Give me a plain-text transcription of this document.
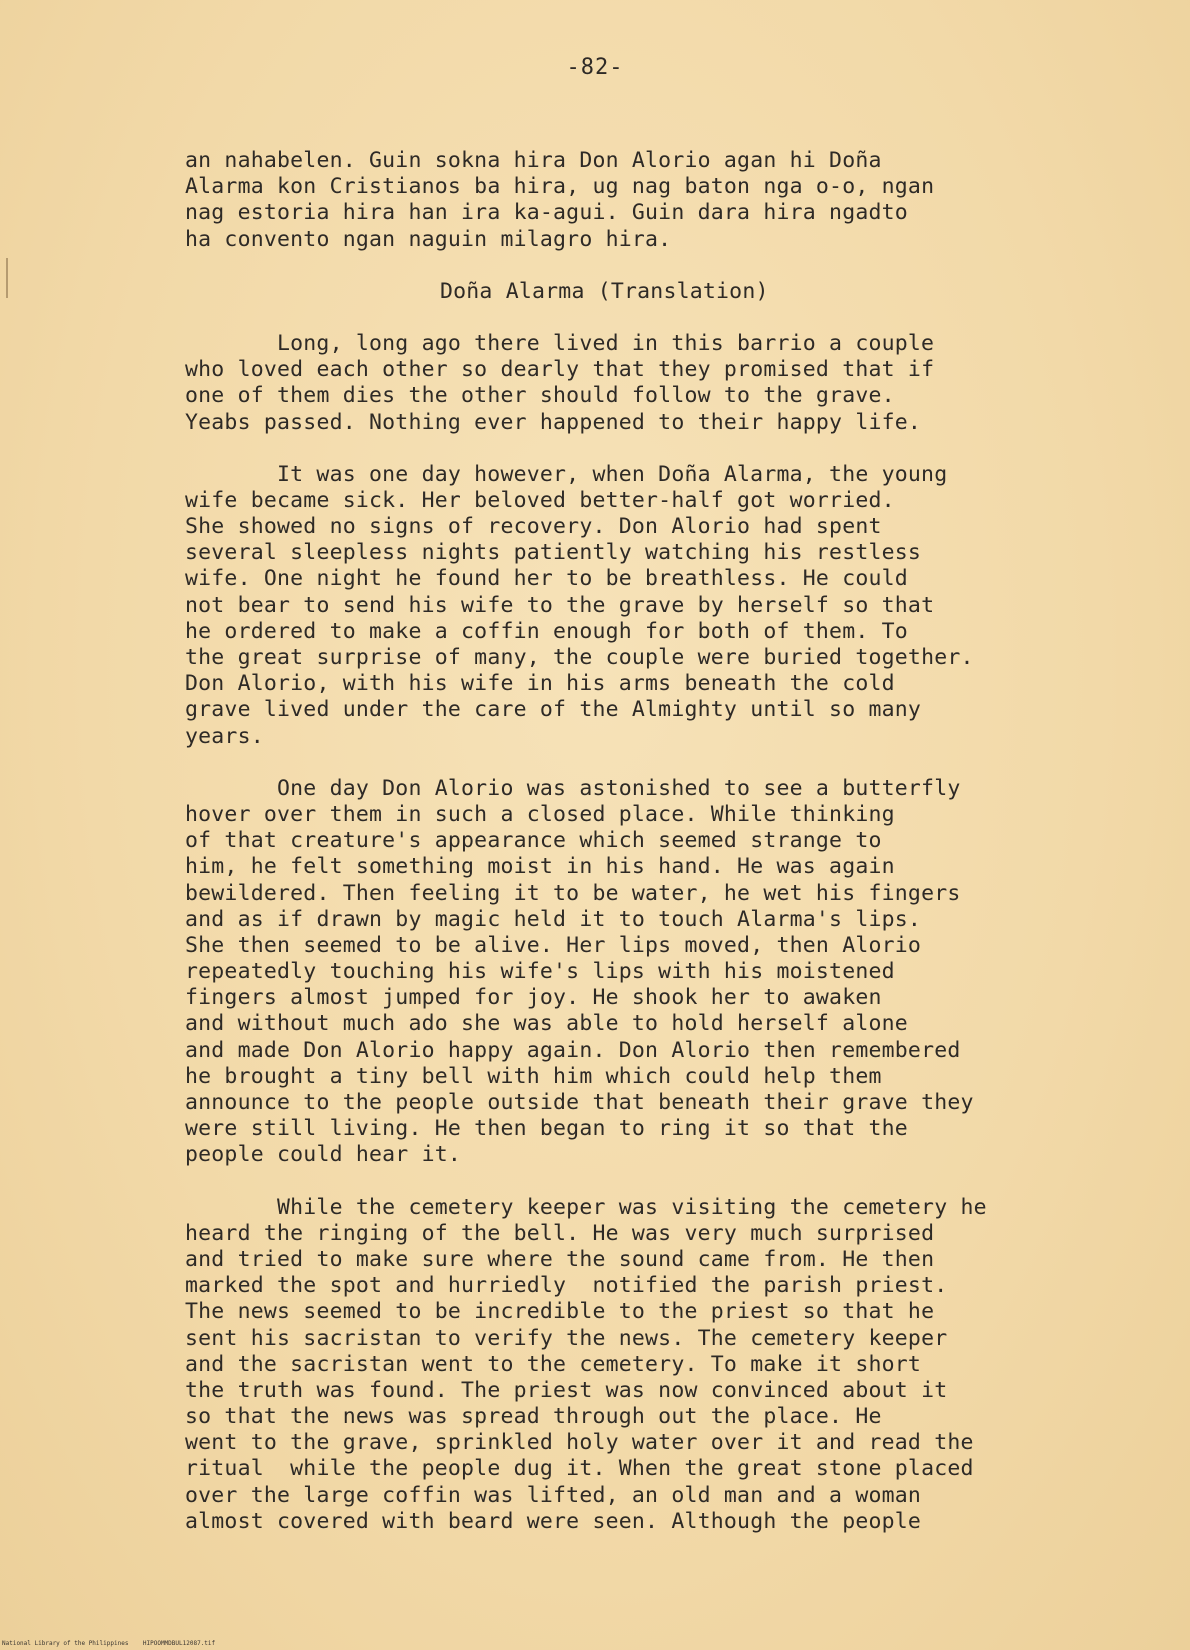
-82-
an nahabelen. Guin sokna hira Don Alorio agan hi Doña
Alarma kon Cristianos ba hira, ug nag baton nga o-o, ngan
nag estoria hira han ira ka-agui. Guin dara hira ngadto
ha convento ngan naguin milagro hira.
Doña Alarma (Translation)
Long, long ago there lived in this barrio a couple
who loved each other so dearly that they promised that if
one of them dies the other should follow to the grave.
Yeabs passed. Nothing ever happened to their happy life.
It was one day however, when Doña Alarma, the young
wife became sick. Her beloved better-half got worried.
She showed no signs of recovery. Don Alorio had spent
several sleepless nights patiently watching his restless
wife. One night he found her to be breathless. He could
not bear to send his wife to the grave by herself so that
he ordered to make a coffin enough for both of them. To
the great surprise of many, the couple were buried together.
Don Alorio, with his wife in his arms beneath the cold
grave lived under the care of the Almighty until so many
years.
One day Don Alorio was astonished to see a butterfly
hover over them in such a closed place. While thinking
of that creature's appearance which seemed strange to
him, he felt something moist in his hand. He was again
bewildered. Then feeling it to be water, he wet his fingers
and as if drawn by magic held it to touch Alarma's lips.
She then seemed to be alive. Her lips moved, then Alorio
repeatedly touching his wife's lips with his moistened
fingers almost jumped for joy. He shook her to awaken
and without much ado she was able to hold herself alone
and made Don Alorio happy again. Don Alorio then remembered
he brought a tiny bell with him which could help them
announce to the people outside that beneath their grave they
were still living. He then began to ring it so that the
people could hear it.
While the cemetery keeper was visiting the cemetery he
heard the ringing of the bell. He was very much surprised
and tried to make sure where the sound came from. He then
marked the spot and hurriedly  notified the parish priest.
The news seemed to be incredible to the priest so that he
sent his sacristan to verify the news. The cemetery keeper
and the sacristan went to the cemetery. To make it short
the truth was found. The priest was now convinced about it
so that the news was spread through out the place. He
went to the grave, sprinkled holy water over it and read the
ritual  while the people dug it. When the great stone placed
over the large coffin was lifted, an old man and a woman
almost covered with beard were seen. Although the people
National Library of the Philippines    HIPOOMMDBUL12087.tif
